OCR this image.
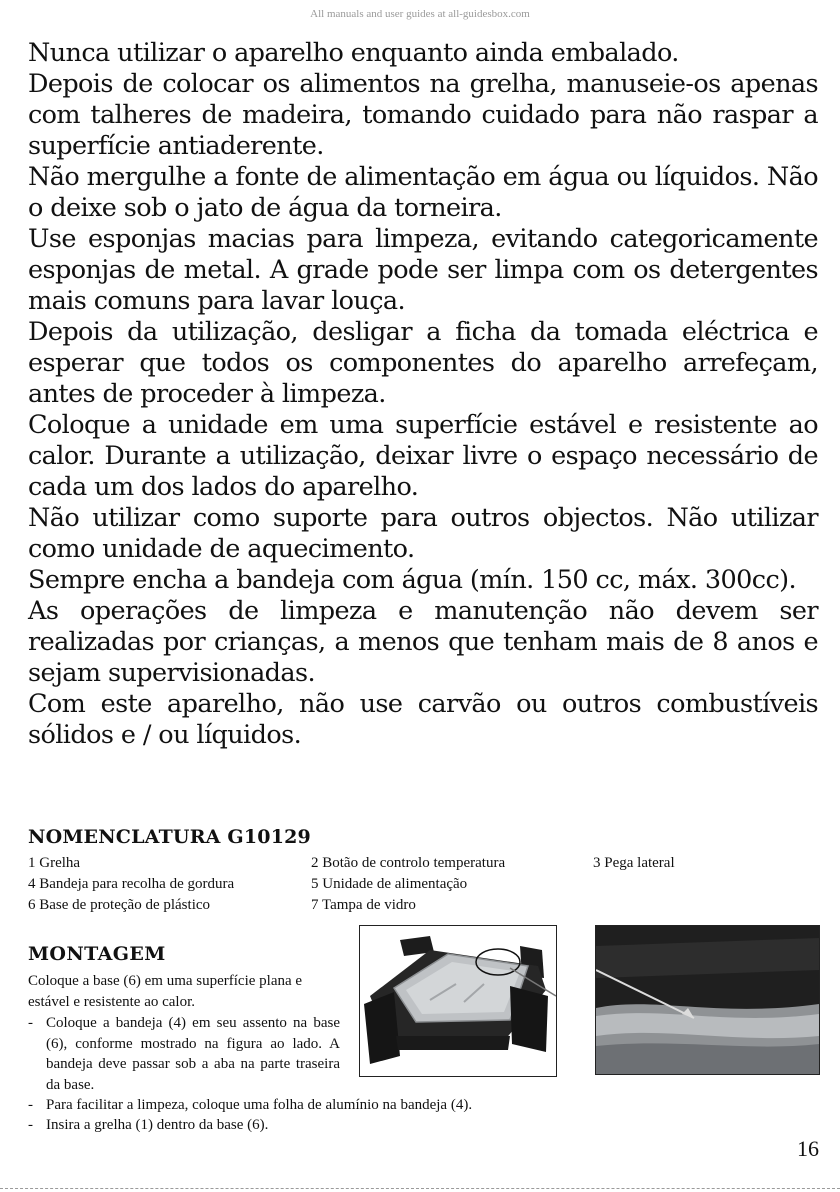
All manuals and user guides at all-guidesbox.com

Nunca utilizar o aparelho enquanto ainda embalado.

Depois de colocar os alimentos na grelha, manuseie-os apenas com talheres de madeira, tomando cuidado para não raspar a superfície antiaderente.

Não mergulhe a fonte de alimentação em água ou líquidos. Não o deixe sob o jato de água da torneira.

Use esponjas macias para limpeza, evitando categoricamente esponjas de metal. A grade pode ser limpa com os detergentes mais comuns para lavar louça.

Depois da utilização, desligar a ficha da tomada eléctrica e esperar que todos os componentes do aparelho arrefeçam, antes de proceder à limpeza.

Coloque a unidade em uma superfície estável e resistente ao calor. Durante a utilização, deixar livre o espaço necessário de cada um dos lados do aparelho.

Não utilizar como suporte para outros objectos. Não utilizar como unidade de aquecimento.

Sempre encha a bandeja com água (mín. 150 cc, máx. 300cc).

As operações de limpeza e manutenção não devem ser realizadas por crianças, a menos que tenham mais de 8 anos e sejam supervisionadas.

Com este aparelho, não use carvão ou outros combustíveis sólidos e / ou líquidos.

NOMENCLATURA G10129
1 Grelha	2 Botão de controlo temperatura	3 Pega lateral
4 Bandeja para recolha de gordura	5 Unidade de alimentação
6 Base de proteção de plástico	7 Tampa de vidro
MONTAGEM
Coloque a base (6) em uma superfície plana e estável e resistente ao calor.
- Coloque a bandeja (4) em seu assento na base (6), conforme mostrado na figura ao lado. A bandeja deve passar sob a aba na parte traseira da base.
- Para facilitar a limpeza, coloque uma folha de alumínio na bandeja (4).
- Insira a grelha (1) dentro da base (6).
16
